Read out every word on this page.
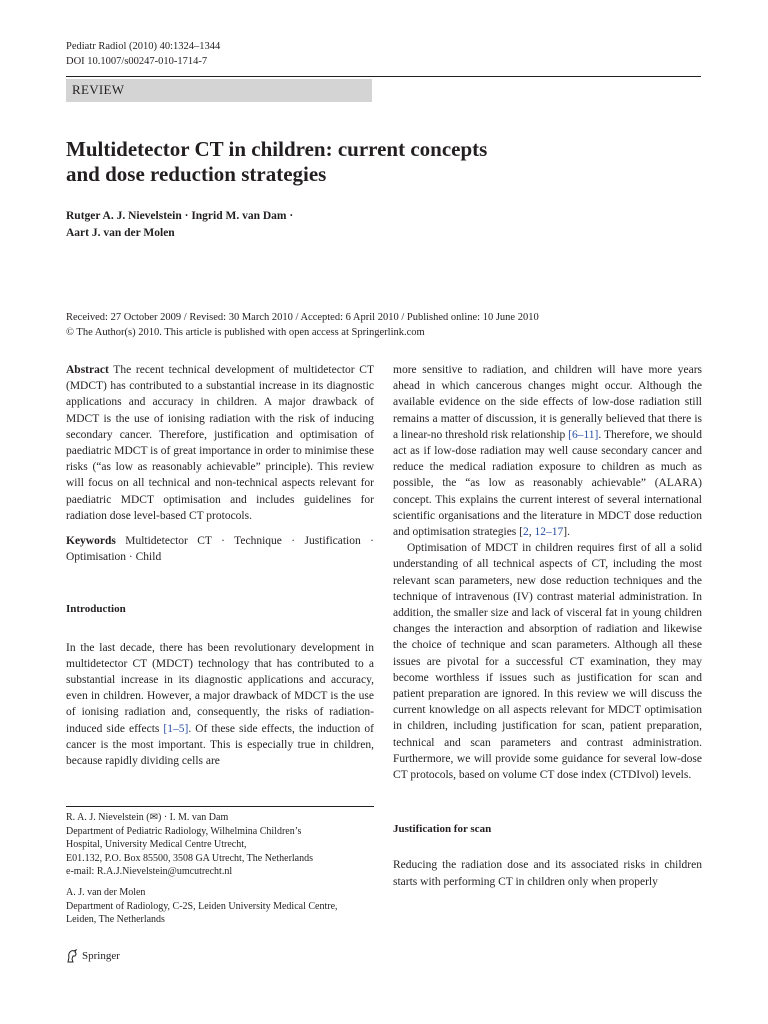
Pediatr Radiol (2010) 40:1324–1344
DOI 10.1007/s00247-010-1714-7
REVIEW
Multidetector CT in children: current concepts
and dose reduction strategies
Rutger A. J. Nievelstein · Ingrid M. van Dam ·
Aart J. van der Molen
Received: 27 October 2009 / Revised: 30 March 2010 / Accepted: 6 April 2010 / Published online: 10 June 2010
© The Author(s) 2010. This article is published with open access at Springerlink.com

Abstract The recent technical development of multidetector CT (MDCT) has contributed to a substantial increase in its diagnostic applications and accuracy in children. A major drawback of MDCT is the use of ionising radiation with the risk of inducing secondary cancer. Therefore, justification and optimisation of paediatric MDCT is of great importance in order to minimise these risks (“as low as reasonably achievable” principle). This review will focus on all technical and non-technical aspects relevant for paediatric MDCT optimisation and includes guidelines for radiation dose level-based CT protocols.

Keywords Multidetector CT · Technique · Justification · Optimisation · Child

Introduction

In the last decade, there has been revolutionary development in multidetector CT (MDCT) technology that has contributed to a substantial increase in its diagnostic applications and accuracy, even in children. However, a major drawback of MDCT is the use of ionising radiation and, consequently, the risks of radiation-induced side effects [1–5]. Of these side effects, the induction of cancer is the most important. This is especially true in children, because rapidly dividing cells are

R. A. J. Nievelstein (✉) · I. M. van Dam

Department of Pediatric Radiology, Wilhelmina Children’s

Hospital, University Medical Centre Utrecht,

E01.132, P.O. Box 85500, 3508 GA Utrecht, The Netherlands

e-mail: R.A.J.Nievelstein@umcutrecht.nl

A. J. van der Molen

Department of Radiology, C-2S, Leiden University Medical Centre,

Leiden, The Netherlands

Springer

more sensitive to radiation, and children will have more years ahead in which cancerous changes might occur. Although the available evidence on the side effects of low-dose radiation still remains a matter of discussion, it is generally believed that there is a linear-no threshold risk relationship [6–11]. Therefore, we should act as if low-dose radiation may well cause secondary cancer and reduce the medical radiation exposure to children as much as possible, the “as low as reasonably achievable” (ALARA) concept. This explains the current interest of several international scientific organisations and the literature in MDCT dose reduction and optimisation strategies [2, 12–17].

Optimisation of MDCT in children requires first of all a solid understanding of all technical aspects of CT, including the most relevant scan parameters, new dose reduction techniques and the technique of intravenous (IV) contrast material administration. In addition, the smaller size and lack of visceral fat in young children changes the interaction and absorption of radiation and likewise the choice of technique and scan parameters. Although all these issues are pivotal for a successful CT examination, they may become worthless if issues such as justification for scan and patient preparation are ignored. In this review we will discuss the current knowledge on all aspects relevant for MDCT optimisation in children, including justification for scan, patient preparation, technical and scan parameters and contrast administration. Furthermore, we will provide some guidance for several low-dose CT protocols, based on volume CT dose index (CTDIvol) levels.

Justification for scan

Reducing the radiation dose and its associated risks in children starts with performing CT in children only when properly
